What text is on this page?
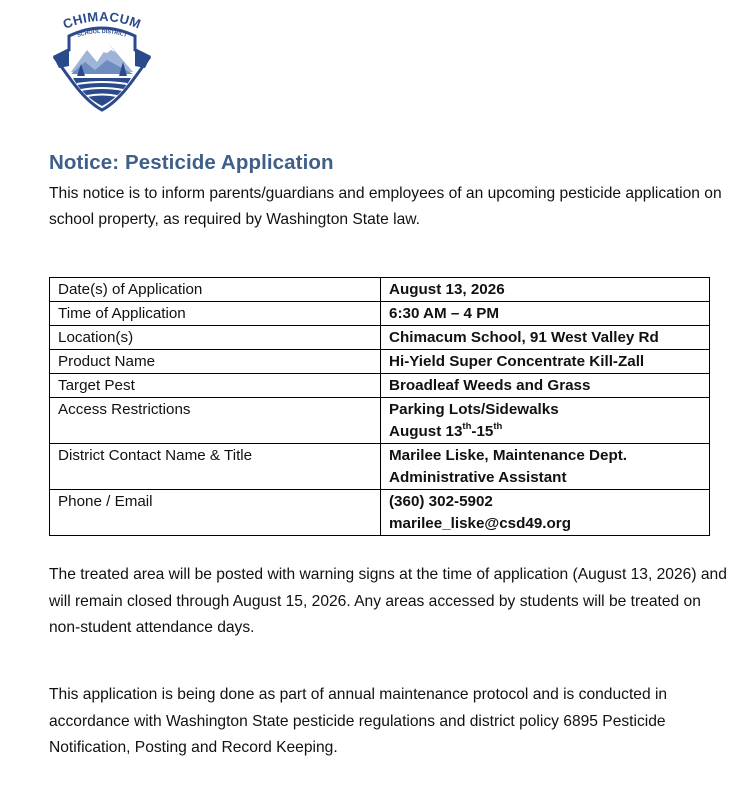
CHIMACUM
SCHOOL DISTRICT
Notice: Pesticide Application

This notice is to inform parents/guardians and employees of an upcoming pesticide application on school property, as required by Washington State law.

Date(s) of Application	August 13, 2026
Time of Application	6:30 AM – 4 PM
Location(s)	Chimacum School, 91 West Valley Rd
Product Name	Hi-Yield Super Concentrate Kill-Zall
Target Pest	Broadleaf Weeds and Grass
Access Restrictions	Parking Lots/Sidewalks
August 13th-15th
District Contact Name & Title	Marilee Liske, Maintenance Dept.
Administrative Assistant
Phone / Email	(360) 302-5902
marilee_liske@csd49.org

The treated area will be posted with warning signs at the time of application (August 13, 2026) and will remain closed through August 15, 2026. Any areas accessed by students will be treated on non-student attendance days.

This application is being done as part of annual maintenance protocol and is conducted in accordance with Washington State pesticide regulations and district policy 6895 Pesticide Notification, Posting and Record Keeping.
